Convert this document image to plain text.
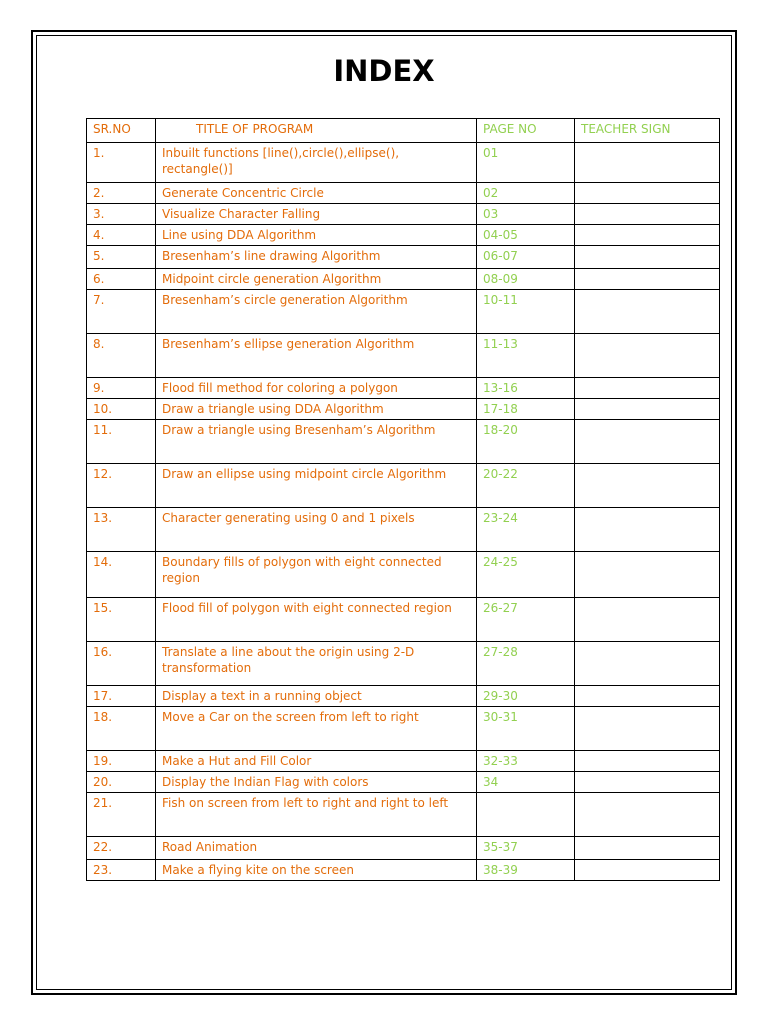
INDEX
SR.NO	TITLE OF PROGRAM	PAGE NO	TEACHER SIGN
1.	Inbuilt functions [line(),circle(),ellipse(), rectangle()]	01	
2.	Generate Concentric Circle	02	
3.	Visualize Character Falling	03	
4.	Line using DDA Algorithm	04-05	
5.	Bresenham’s line drawing Algorithm	06-07	
6.	Midpoint circle generation Algorithm	08-09	
7.	Bresenham’s circle generation Algorithm	10-11	
8.	Bresenham’s ellipse generation Algorithm	11-13	
9.	Flood fill method for coloring a polygon	13-16	
10.	Draw a triangle using DDA Algorithm	17-18	
11.	Draw a triangle using Bresenham’s Algorithm	18-20	
12.	Draw an ellipse using midpoint circle Algorithm	20-22	
13.	Character generating using 0 and 1 pixels	23-24	
14.	Boundary fills of polygon with eight connected region	24-25	
15.	Flood fill of polygon with eight connected region	26-27	
16.	Translate a line about the origin using 2-D transformation	27-28	
17.	Display a text in a running object	29-30	
18.	Move a Car on the screen from left to right	30-31	
19.	Make a Hut and Fill Color	32-33	
20.	Display the Indian Flag with colors	34	
21.	Fish on screen from left to right and right to left		
22.	Road Animation	35-37	
23.	Make a flying kite on the screen	38-39	
